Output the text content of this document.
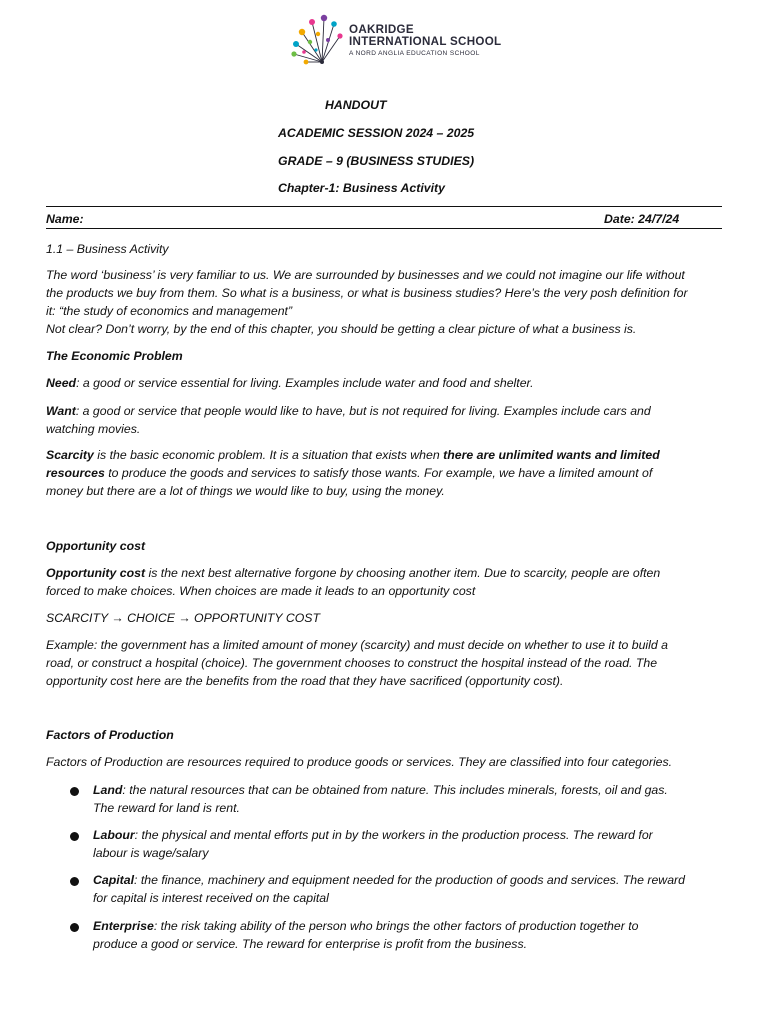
OAKRIDGE
INTERNATIONAL SCHOOL
A NORD ANGLIA EDUCATION SCHOOL
HANDOUT
ACADEMIC SESSION 2024 – 2025
GRADE – 9 (BUSINESS STUDIES)
Chapter-1: Business Activity
Name:	Date: 24/7/24
1.1 – Business Activity
The word ‘business’ is very familiar to us. We are surrounded by businesses and we could not imagine our life without
the products we buy from them. So what is a business, or what is business studies? Here’s the very posh definition for
it: “the study of economics and management”
Not clear? Don’t worry, by the end of this chapter, you should be getting a clear picture of what a business is.
The Economic Problem
Need: a good or service essential for living. Examples include water and food and shelter.
Want: a good or service that people would like to have, but is not required for living. Examples include cars and
watching movies.
Scarcity is the basic economic problem. It is a situation that exists when there are unlimited wants and limited
resources to produce the goods and services to satisfy those wants. For example, we have a limited amount of
money but there are a lot of things we would like to buy, using the money.
Opportunity cost
Opportunity cost is the next best alternative forgone by choosing another item. Due to scarcity, people are often
forced to make choices. When choices are made it leads to an opportunity cost
SCARCITY → CHOICE → OPPORTUNITY COST
Example: the government has a limited amount of money (scarcity) and must decide on whether to use it to build a
road, or construct a hospital (choice). The government chooses to construct the hospital instead of the road. The
opportunity cost here are the benefits from the road that they have sacrificed (opportunity cost).
Factors of Production
Factors of Production are resources required to produce goods or services. They are classified into four categories.
Land: the natural resources that can be obtained from nature. This includes minerals, forests, oil and gas.
The reward for land is rent.
Labour: the physical and mental efforts put in by the workers in the production process. The reward for
labour is wage/salary
Capital: the finance, machinery and equipment needed for the production of goods and services. The reward
for capital is interest received on the capital
Enterprise: the risk taking ability of the person who brings the other factors of production together to
produce a good or service. The reward for enterprise is profit from the business.
